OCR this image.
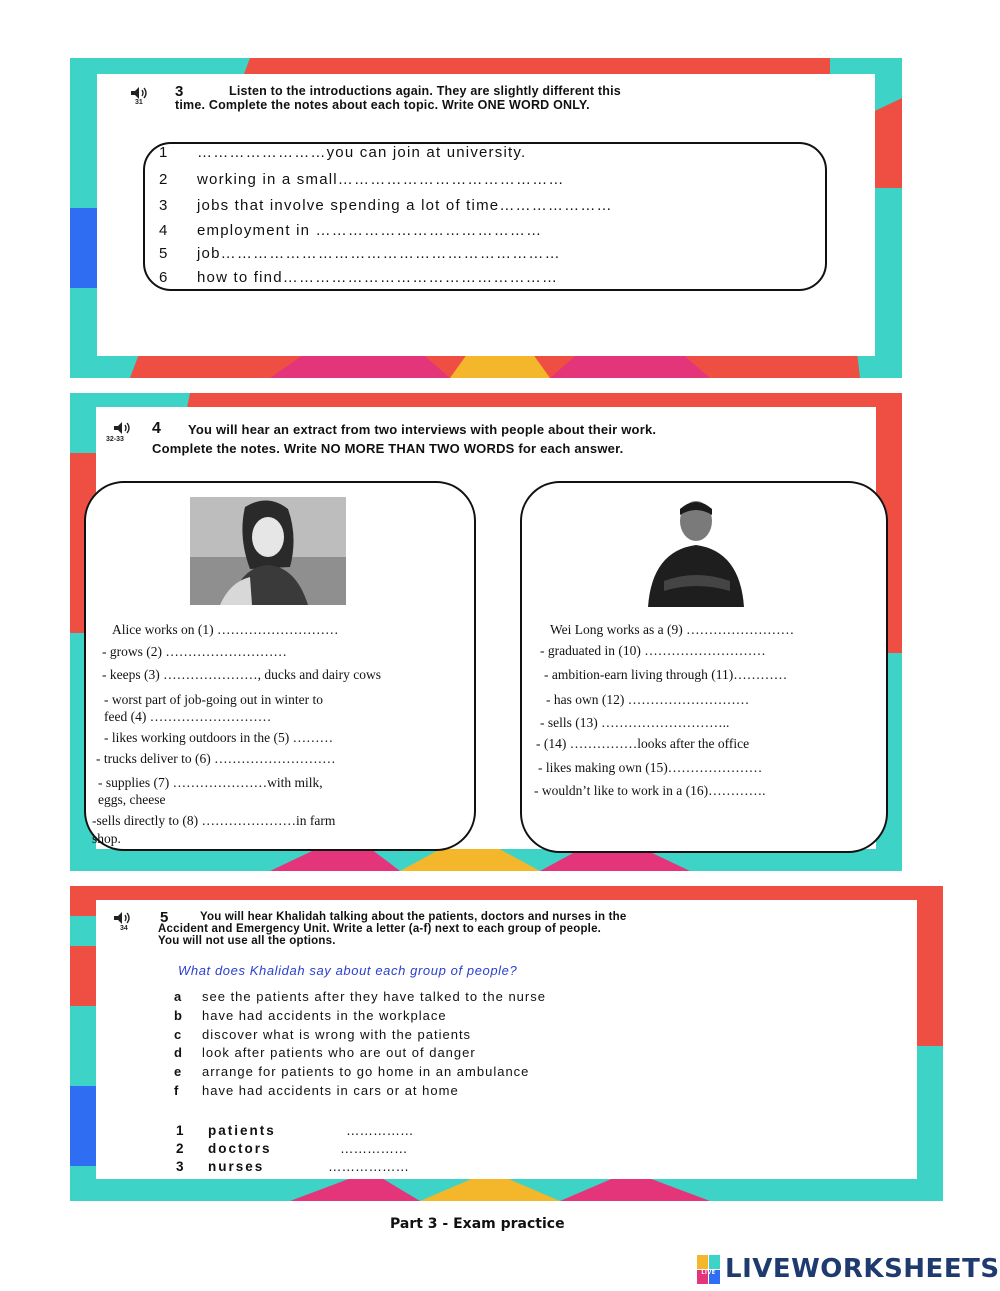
31
3	Listen to the introductions again. They are slightly different this
time. Complete the notes about each topic. Write ONE WORD ONLY.
1 ……………………you can join at university.
2 working in a small……………………………………
3 jobs that involve spending a lot of time…………………
4 employment in ……………………………………
5 job………………………………………………………
6 how to find……………………………………………
32-33
4 You will hear an extract from two interviews with people about their work.
Complete the notes. Write NO MORE THAN TWO WORDS for each answer.
Alice works on (1) ………………………
- grows (2) ………………………
- keeps (3) …………………, ducks and dairy cows
- worst part of job-going out in winter to
feed (4) ………………………
- likes working outdoors in the (5) ………
- trucks deliver to (6) ………………………
- supplies (7) …………………with milk,
eggs, cheese
-sells directly to (8) …………………in farm
shop.
Wei Long works as a (9) ……………………
- graduated in (10) ………………………
- ambition-earn living through (11)…………
- has own (12) ………………………
- sells (13) ………………………..
- (14) ……………looks after the office
- likes making own (15)…………………
- wouldn’t like to work in a (16)………….
34
5	You will hear Khalidah talking about the patients, doctors and nurses in the
Accident and Emergency Unit. Write a letter (a-f) next to each group of people.
You will not use all the options.
What does Khalidah say about each group of people?
a see the patients after they have talked to the nurse
b have had accidents in the workplace
c discover what is wrong with the patients
d look after patients who are out of danger
e arrange for patients to go home in an ambulance
f have had accidents in cars or at home
1 patients	……………
2 doctors	……………
3 nurses	………………
Part 3 - Exam practice
LIVE LIVEWORKSHEETS
